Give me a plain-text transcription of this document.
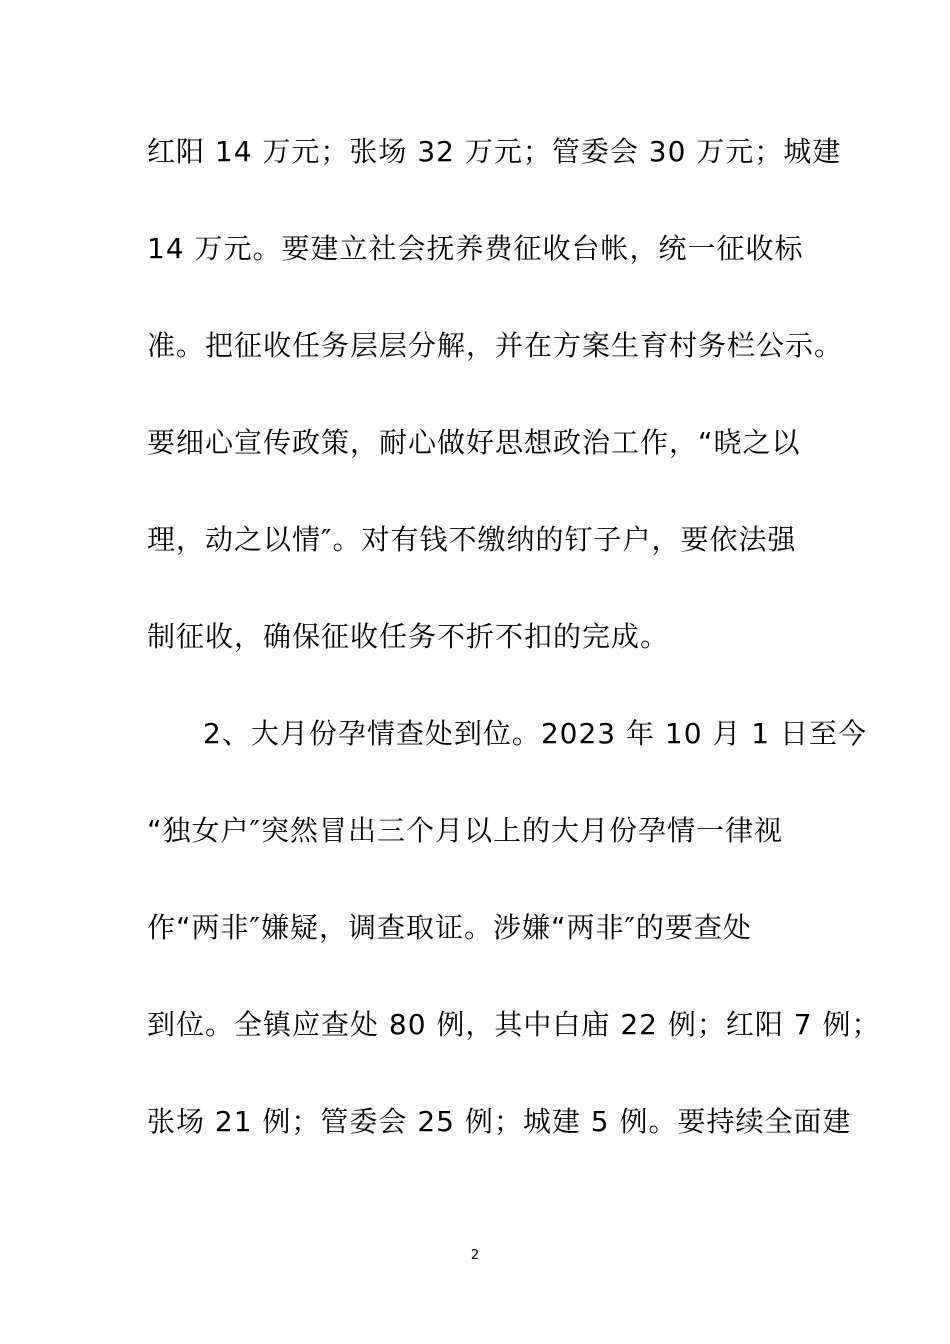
红阳 14 万元；张场 32 万元；管委会 30 万元；城建
14 万元。要建立社会抚养费征收台帐，统一征收标
准。把征收任务层层分解，并在方案生育村务栏公示。
要细心宣传政策，耐心做好思想政治工作，“晓之以
理，动之以情″。对有钱不缴纳的钉子户，要依法强
制征收，确保征收任务不折不扣的完成。
2、大月份孕情查处到位。2023 年 10 月 1 日至今
“独女户″突然冒出三个月以上的大月份孕情一律视
作“两非″嫌疑，调查取证。涉嫌“两非″的要查处
到位。全镇应查处 80 例，其中白庙 22 例；红阳 7 例；
张场 21 例；管委会 25 例；城建 5 例。要持续全面建
2
